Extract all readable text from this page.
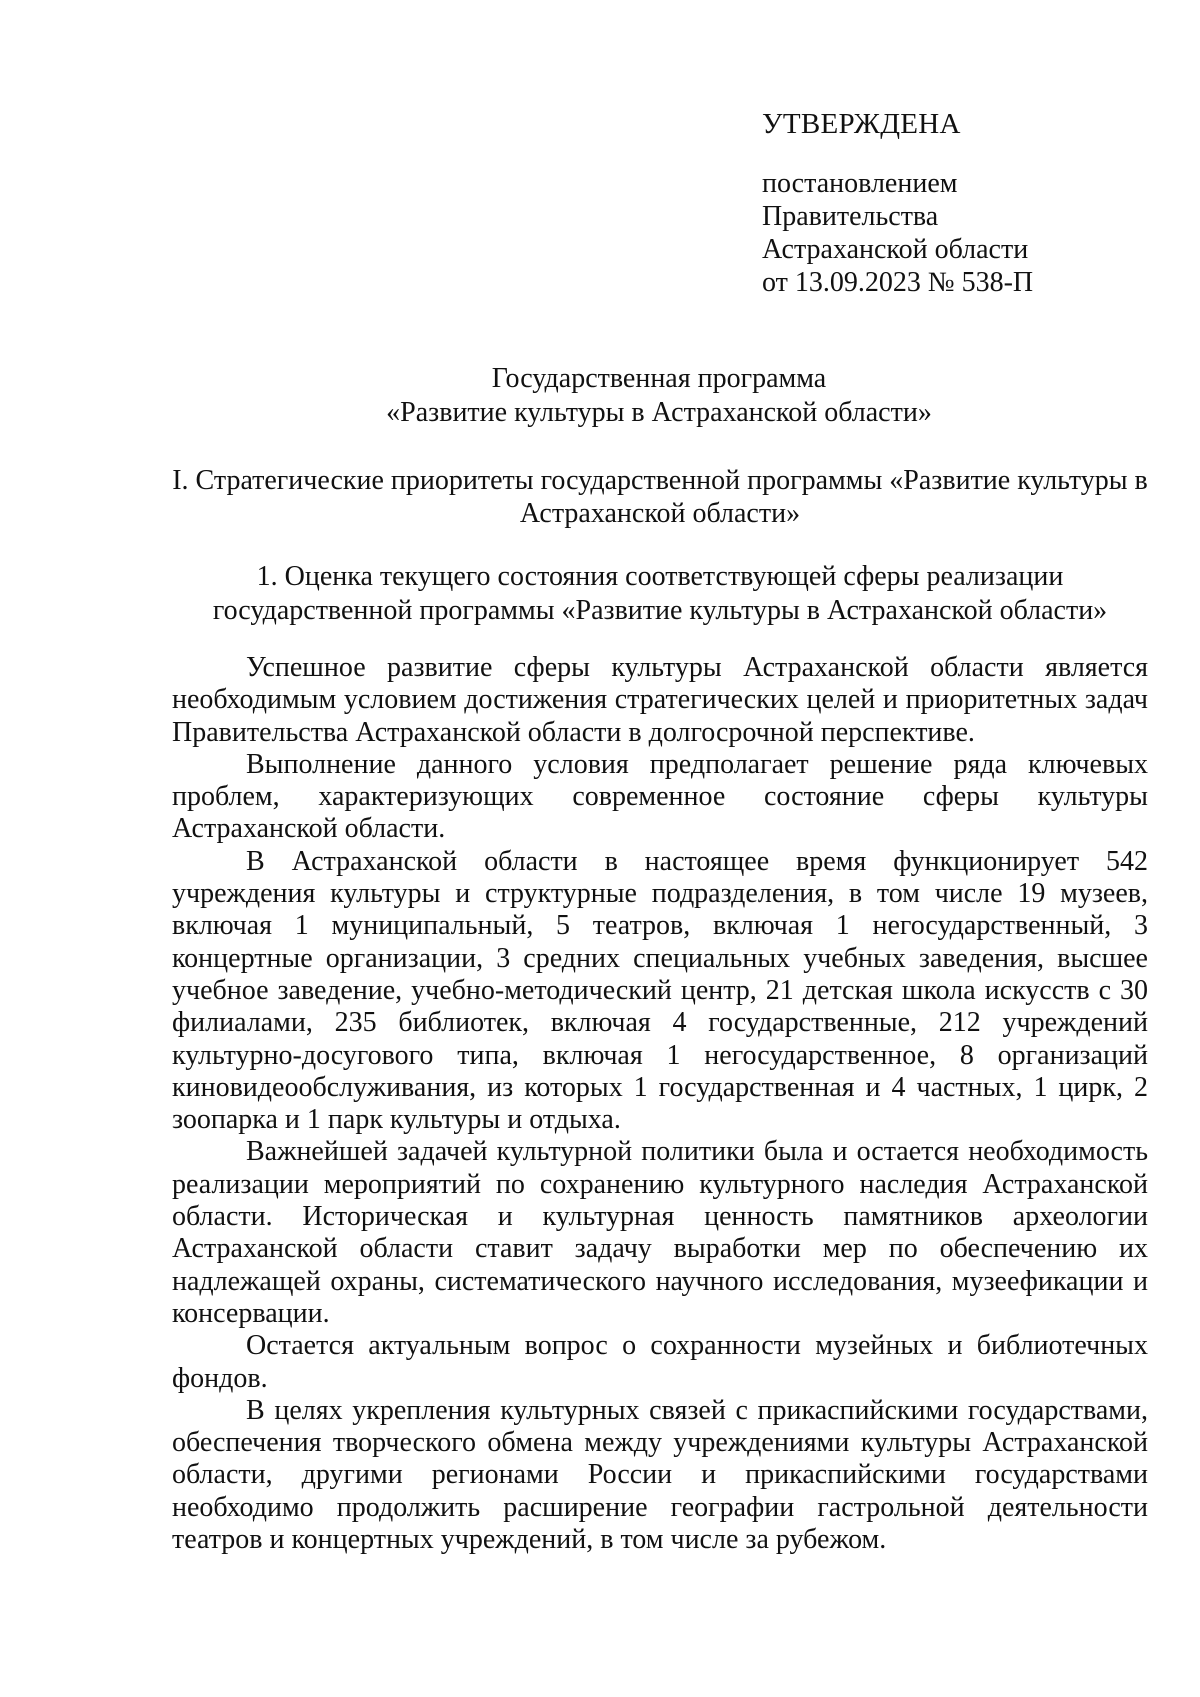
УТВЕРЖДЕНА
постановлением
Правительства
Астраханской области
от 13.09.2023 № 538-П
Государственная программа
«Развитие культуры в Астраханской области»
I. Стратегические приоритеты государственной программы «Развитие культуры в Астраханской области»
1. Оценка текущего состояния соответствующей сферы реализации
государственной программы «Развитие культуры в Астраханской области»

Успешное развитие сферы культуры Астраханской области является необходимым условием достижения стратегических целей и приоритетных задач Правительства Астраханской области в долгосрочной перспективе.

Выполнение данного условия предполагает решение ряда ключевых проблем, характеризующих современное состояние сферы культуры Астраханской области.

В Астраханской области в настоящее время функционирует 542 учреждения культуры и структурные подразделения, в том числе 19 музеев, включая 1 муниципальный, 5 театров, включая 1 негосударственный, 3 концертные организации, 3 средних специальных учебных заведения, высшее учебное заведение, учебно-методический центр, 21 детская школа искусств с 30 филиалами, 235 библиотек, включая 4 государственные, 212 учреждений культурно-досугового типа, включая 1 негосударственное, 8 организаций киновидеообслуживания, из которых 1 государственная и 4 частных, 1 цирк, 2 зоопарка и 1 парк культуры и отдыха.

Важнейшей задачей культурной политики была и остается необходимость реализации мероприятий по сохранению культурного наследия Астраханской области. Историческая и культурная ценность памятников археологии Астраханской области ставит задачу выработки мер по обеспечению их надлежащей охраны, систематического научного исследования, музеефикации и консервации.

Остается актуальным вопрос о сохранности музейных и библиотечных фондов.

В целях укрепления культурных связей с прикаспийскими государствами, обеспечения творческого обмена между учреждениями культуры Астраханской области, другими регионами России и прикаспийскими государствами необходимо продолжить расширение географии гастрольной деятельности театров и концертных учреждений, в том числе за рубежом.
